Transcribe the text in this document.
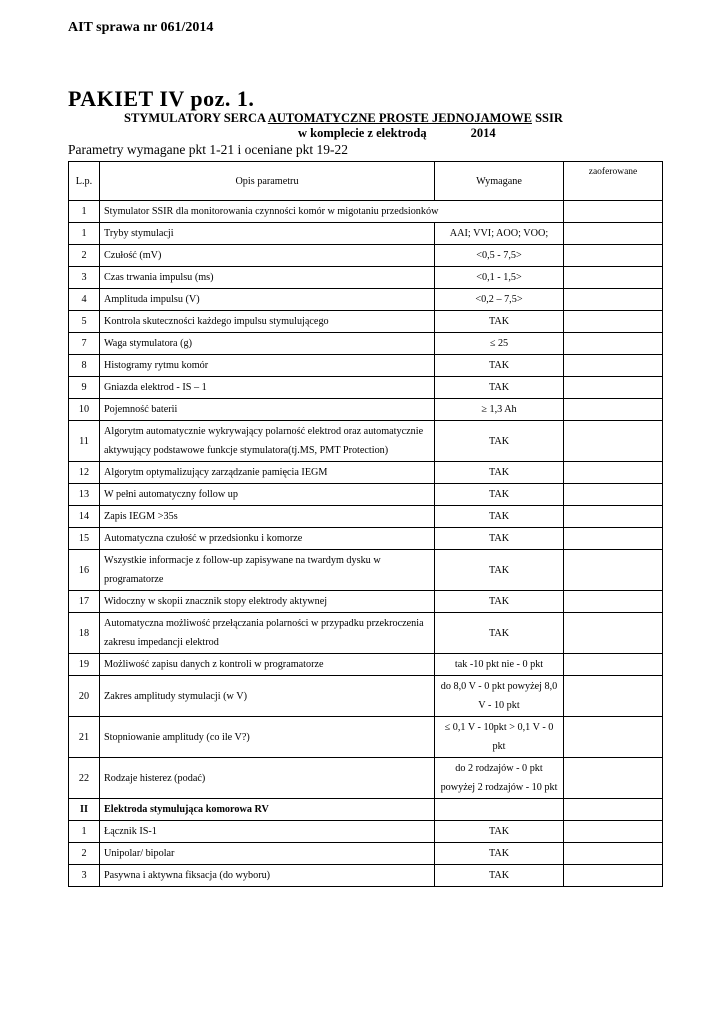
AIT sprawa nr 061/2014
PAKIET IV poz. 1.
STYMULATORY SERCA AUTOMATYCZNE PROSTE JEDNOJAMOWE SSIR
w komplecie z elektrodą	2014
Parametry wymagane pkt 1-21 i oceniane pkt 19-22
L.p.	Opis parametru	Wymagane	zaoferowane
1	Stymulator SSIR dla monitorowania czynności komór w migotaniu przedsionków		
1	Tryby stymulacji	AAI; VVI; AOO; VOO;	
2	Czułość (mV)	<0,5 - 7,5>	
3	Czas trwania impulsu (ms)	<0,1 - 1,5>	
4	Amplituda impulsu (V)	<0,2 – 7,5>	
5	Kontrola skuteczności każdego impulsu stymulującego	TAK	
7	Waga stymulatora (g)	≤ 25	
8	Histogramy rytmu komór	TAK	
9	Gniazda elektrod - IS – 1	TAK	
10	Pojemność baterii	≥ 1,3 Ah	
11	Algorytm automatycznie wykrywający polarność elektrod oraz automatycznie aktywujący podstawowe funkcje stymulatora(tj.MS, PMT Protection)	TAK	
12	Algorytm optymalizujący zarządzanie pamięcia IEGM	TAK	
13	W pełni automatyczny follow up	TAK	
14	Zapis IEGM >35s	TAK	
15	Automatyczna czułość w przedsionku i komorze	TAK	
16	Wszystkie informacje z follow-up zapisywane na twardym dysku w programatorze	TAK	
17	Widoczny w skopii znacznik stopy elektrody aktywnej	TAK	
18	Automatyczna możliwość przełączania polarności w przypadku przekroczenia zakresu impedancji elektrod	TAK	
19	Możliwość zapisu danych z kontroli w programatorze	tak -10 pkt nie - 0 pkt	
20	Zakres amplitudy stymulacji (w V)	do 8,0 V - 0 pkt powyżej 8,0 V - 10 pkt	
21	Stopniowanie amplitudy (co ile V?)	≤ 0,1 V - 10pkt > 0,1 V - 0 pkt	
22	Rodzaje histerez (podać)	do 2 rodzajów - 0 pkt powyżej 2 rodzajów - 10 pkt	
II	Elektroda stymulująca komorowa RV		
1	Łącznik IS-1	TAK	
2	Unipolar/ bipolar	TAK	
3	Pasywna i aktywna fiksacja (do wyboru)	TAK	
